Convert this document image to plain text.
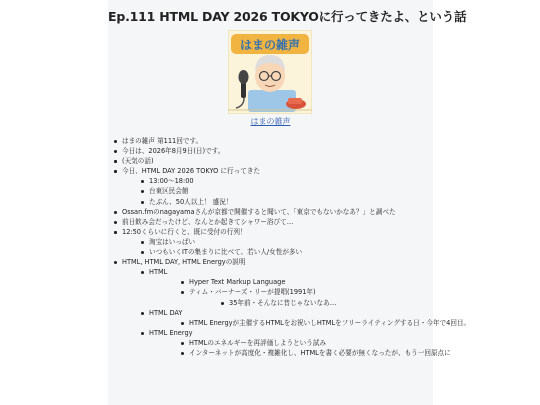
Ep.111 HTML DAY 2026 TOKYOに行ってきたよ、という話
はまの雑声
はまの雑声
はまの雑声 第111回です。
今日は、2026年8月9日(日)です。
(天気の話)
今日、HTML DAY 2026 TOKYO に行ってきた
13:00〜18:00
台東区民会館
たぶん、50人以上！ 盛況！
Ossan.fmのnagayamaさんが京都で開催すると聞いて、「東京でもないかなあ？」と調べた
前日飲み会だったけど、なんとか起きてシャワー浴びて…
12:50くらいに行くと、既に受付の行列！
淘宝はいっぱい
いつもいくITの集まりに比べて、若い人/女性が多い
HTML, HTML DAY, HTML Energyの説明
HTML
Hyper Text Markup Language
ティム・バーナーズ・リーが提唱(1991年)
35年前・そんなに昔じゃないなあ…
HTML DAY
HTML Energyが主催するHTMLをお祝いしHTMLをフリーライティングする日・今年で4回目。
HTML Energy
HTMLのエネルギーを再評価しようという試み
インターネットが高度化・複雑化し、HTMLを書く必要が無くなったが、もう一回原点に
